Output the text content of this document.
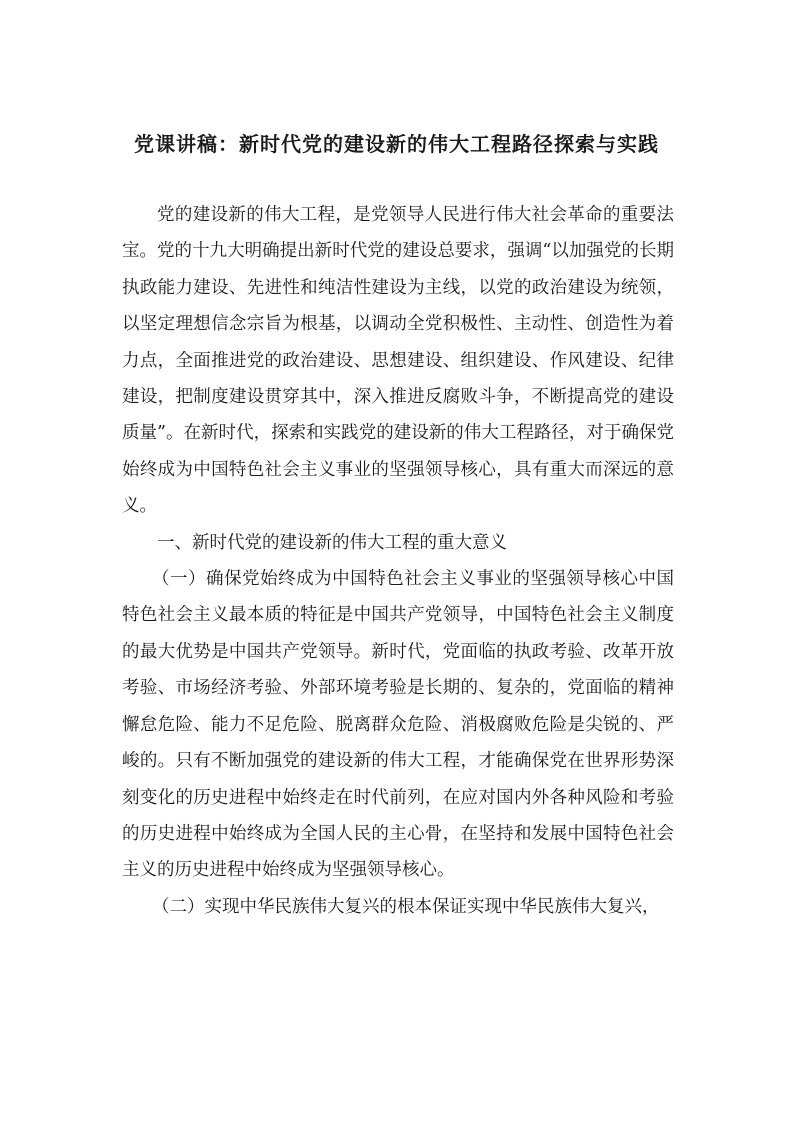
党课讲稿：新时代党的建设新的伟大工程路径探索与实践

党的建设新的伟大工程，是党领导人民进行伟大社会革命的重要法宝。党的十九大明确提出新时代党的建设总要求，强调“以加强党的长期执政能力建设、先进性和纯洁性建设为主线，以党的政治建设为统领，以坚定理想信念宗旨为根基，以调动全党积极性、主动性、创造性为着力点，全面推进党的政治建设、思想建设、组织建设、作风建设、纪律建设，把制度建设贯穿其中，深入推进反腐败斗争，不断提高党的建设质量”。在新时代，探索和实践党的建设新的伟大工程路径，对于确保党始终成为中国特色社会主义事业的坚强领导核心，具有重大而深远的意义。

一、新时代党的建设新的伟大工程的重大意义

（一）确保党始终成为中国特色社会主义事业的坚强领导核心中国特色社会主义最本质的特征是中国共产党领导，中国特色社会主义制度的最大优势是中国共产党领导。新时代，党面临的执政考验、改革开放考验、市场经济考验、外部环境考验是长期的、复杂的，党面临的精神懈怠危险、能力不足危险、脱离群众危险、消极腐败危险是尖锐的、严峻的。只有不断加强党的建设新的伟大工程，才能确保党在世界形势深刻变化的历史进程中始终走在时代前列，在应对国内外各种风险和考验的历史进程中始终成为全国人民的主心骨，在坚持和发展中国特色社会主义的历史进程中始终成为坚强领导核心。

（二）实现中华民族伟大复兴的根本保证实现中华民族伟大复兴，
